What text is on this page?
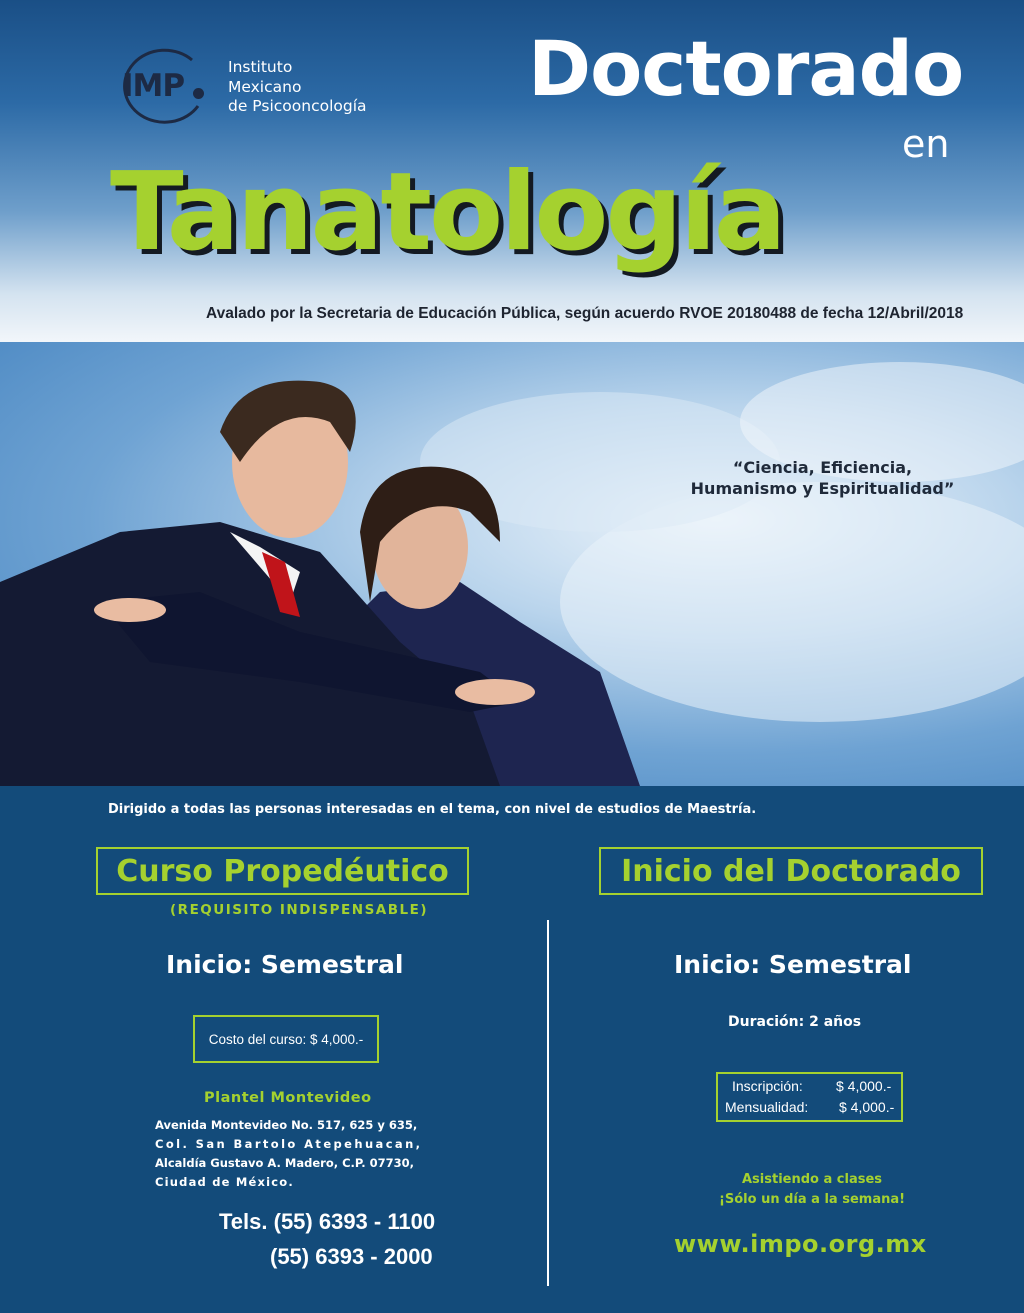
IMP
Instituto
Mexicano
de Psicooncología Doctorado
en
Tanatología
Avalado por la Secretaria de Educación Pública, según acuerdo RVOE 20180488 de fecha 12/Abril/2018
“Ciencia, Eficiencia,
Humanismo y Espiritualidad”
Dirigido a todas las personas interesadas en el tema, con nivel de estudios de Maestría.
Curso Propedéutico
(REQUISITO INDISPENSABLE)
Inicio: Semestral
Costo del curso: $ 4,000.-
Plantel Montevideo
Avenida Montevideo No. 517, 625 y 635,
Col. San Bartolo Atepehuacan,
Alcaldía Gustavo A. Madero, C.P. 07730,
Ciudad de México.
Tels. (55) 6393 - 1100
(55) 6393 - 2000
Inicio del Doctorado
Inicio: Semestral
Duración: 2 años
Inscripción: $ 4,000.-
Mensualidad: $ 4,000.-
Asistiendo a clases
¡Sólo un día a la semana!
www.impo.org.mx
